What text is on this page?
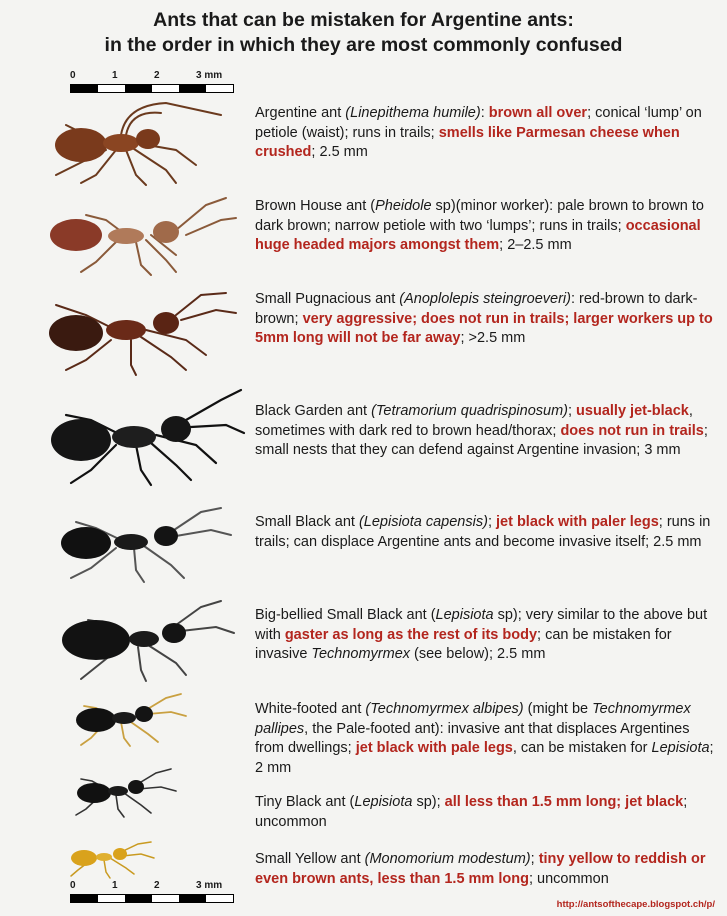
Ants that can be mistaken for Argentine ants:
in the order in which they are most commonly confused
0	1	2	3 mm
0	1	2	3 mm
Argentine ant (Linepithema humile): brown all over; conical ‘lump’ on petiole (waist); runs in trails; smells like Parmesan cheese when crushed; 2.5 mm
Brown House ant (Pheidole sp)(minor worker): pale brown to brown to dark brown; narrow petiole with two ‘lumps’; runs in trails; occasional huge headed majors amongst them; 2–2.5 mm
Small Pugnacious ant (Anoplolepis steingroeveri): red-brown to dark-brown; very aggressive; does not run in trails; larger workers up to 5mm long will not be far away; >2.5 mm
Black Garden ant (Tetramorium quadrispinosum); usually jet-black, sometimes with dark red to brown head/thorax; does not run in trails; small nests that they can defend against Argentine invasion; 3 mm
Small Black ant (Lepisiota capensis); jet black with paler legs; runs in trails; can displace Argentine ants and become invasive itself; 2.5 mm
Big-bellied Small Black ant (Lepisiota sp); very similar to the above but with gaster as long as the rest of its body; can be mistaken for invasive Technomyrmex (see below); 2.5 mm
White-footed ant (Technomyrmex albipes) (might be Technomyrmex pallipes, the Pale-footed ant): invasive ant that displaces Argentines from dwellings; jet black with pale legs, can be mistaken for Lepisiota; 2 mm
Tiny Black ant (Lepisiota sp); all less than 1.5 mm long; jet black; uncommon
Small Yellow ant (Monomorium modestum); tiny yellow to reddish or even brown ants, less than 1.5 mm long; uncommon
http://antsofthecape.blogspot.ch/p/
